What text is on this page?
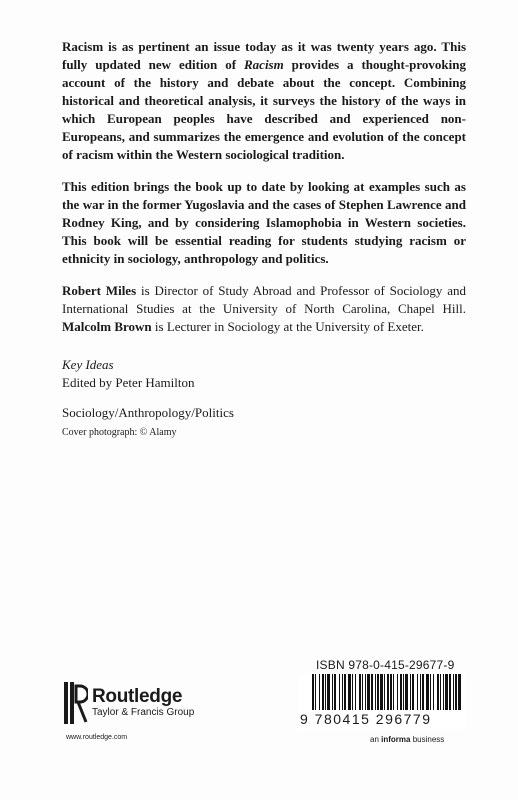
Racism is as pertinent an issue today as it was twenty years ago. This fully updated new edition of Racism provides a thought-provoking account of the history and debate about the concept. Combining historical and theoretical analysis, it surveys the history of the ways in which European peoples have described and experienced non-Europeans, and summarizes the emergence and evolution of the concept of racism within the Western sociological tradition.

This edition brings the book up to date by looking at examples such as the war in the former Yugoslavia and the cases of Stephen Lawrence and Rodney King, and by considering Islamophobia in Western societies. This book will be essential reading for students studying racism or ethnicity in sociology, anthropology and politics.

Robert Miles is Director of Study Abroad and Professor of Sociology and International Studies at the University of North Carolina, Chapel Hill. Malcolm Brown is Lecturer in Sociology at the University of Exeter.

Key Ideas
Edited by Peter Hamilton
Sociology/Anthropology/Politics
Cover photograph: © Alamy
Routledge
Taylor & Francis Group
www.routledge.com
ISBN 978-0-415-29677-9
9 780415 296779
an informa business
